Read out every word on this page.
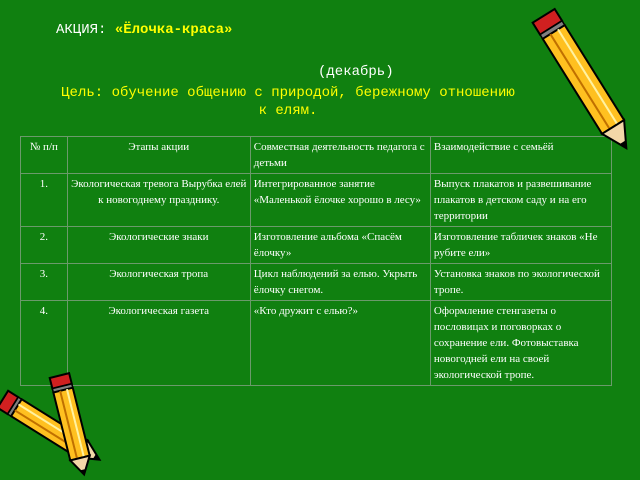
АКЦИЯ: «Ёлочка-краса»
(декабрь)
Цель: обучение общению с природой, бережному отношению к елям.
№ п/п	Этапы акции	Совместная деятельность педагога с детьми	Взаимодействие с семьёй
1.	Экологическая тревога Вырубка елей к новогоднему празднику.	Интегрированное занятие «Маленькой ёлочке хорошо в лесу»	Выпуск плакатов и развешивание плакатов в детском саду и на его территории
2.	Экологические знаки	Изготовление альбома «Спасём ёлочку»	Изготовление табличек знаков «Не рубите ели»
3.	Экологическая тропа	Цикл наблюдений за елью. Укрыть ёлочку снегом.	Установка знаков по экологической тропе.
4.	Экологическая газета	«Кто дружит с елью?»	Оформление стенгазеты о пословицах и поговорках о сохранение ели. Фотовыставка новогодней ели на своей экологической тропе.
